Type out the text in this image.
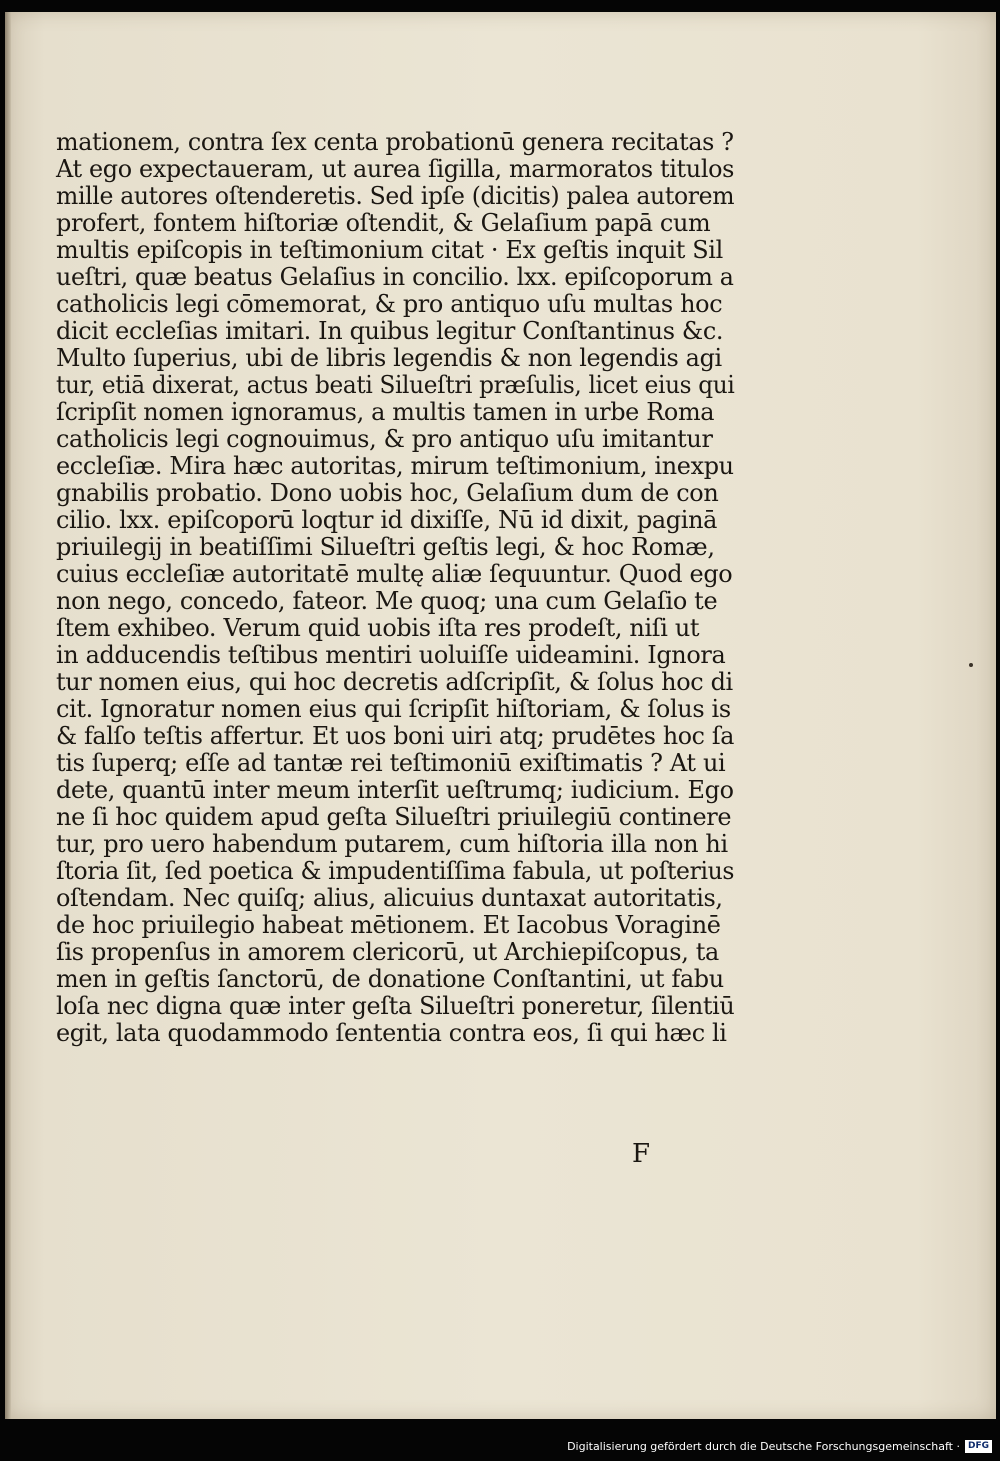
mationem, contra ſex centa probationū genera recitatas ?At ego expectaueram, ut aurea ſigilla, marmoratos titulosmille autores oſtenderetis. Sed ipſe (dicitis) palea autoremprofert, fontem hiſtoriæ oſtendit, & Gelaſium papā cummultis epiſcopis in teſtimonium citat · Ex geſtis inquit Silueſtri, quæ beatus Gelaſius in concilio. lxx. epiſcoporum acatholicis legi cōmemorat, & pro antiquo uſu multas hocdicit eccleſias imitari. In quibus legitur Conſtantinus &c.Multo ſuperius, ubi de libris legendis & non legendis agitur, etiā dixerat, actus beati Silueſtri præſulis, licet eius quiſcripſit nomen ignoramus, a multis tamen in urbe Romacatholicis legi cognouimus, & pro antiquo uſu imitantureccleſiæ. Mira hæc autoritas, mirum teſtimonium, inexpugnabilis probatio. Dono uobis hoc, Gelaſium dum de concilio. lxx. epiſcoporū loqtur id dixiſſe, Nū id dixit, pagināpriuilegij in beatiſſimi Silueſtri geſtis legi, & hoc Romæ,cuius eccleſiæ autoritatē multę aliæ ſequuntur. Quod egonon nego, concedo, fateor. Me quoq; una cum Gelaſio teſtem exhibeo. Verum quid uobis iſta res prodeſt, niſi utin adducendis teſtibus mentiri uoluiſſe uideamini. Ignoratur nomen eius, qui hoc decretis adſcripſit, & ſolus hoc dicit. Ignoratur nomen eius qui ſcripſit hiſtoriam, & ſolus is& falſo teſtis affertur. Et uos boni uiri atq; prudētes hoc ſatis ſuperq; eſſe ad tantæ rei teſtimoniū exiſtimatis ? At uidete, quantū inter meum interſit ueſtrumq; iudicium. Egone ſi hoc quidem apud geſta Silueſtri priuilegiū contineretur, pro uero habendum putarem, cum hiſtoria illa non hiſtoria ſit, ſed poetica & impudentiſſima fabula, ut poſteriusoſtendam. Nec quiſq; alius, alicuius duntaxat autoritatis,de hoc priuilegio habeat mētionem. Et Iacobus Voraginēſis propenſus in amorem clericorū, ut Archiepiſcopus, tamen in geſtis ſanctorū, de donatione Conſtantini, ut fabuloſa nec digna quæ inter geſta Silueſtri poneretur, ſilentiūegit, lata quodammodo ſententia contra eos, ſi qui hæc li
F
Digitalisierung gefördert durch die Deutsche Forschungsgemeinschaft · DFG
